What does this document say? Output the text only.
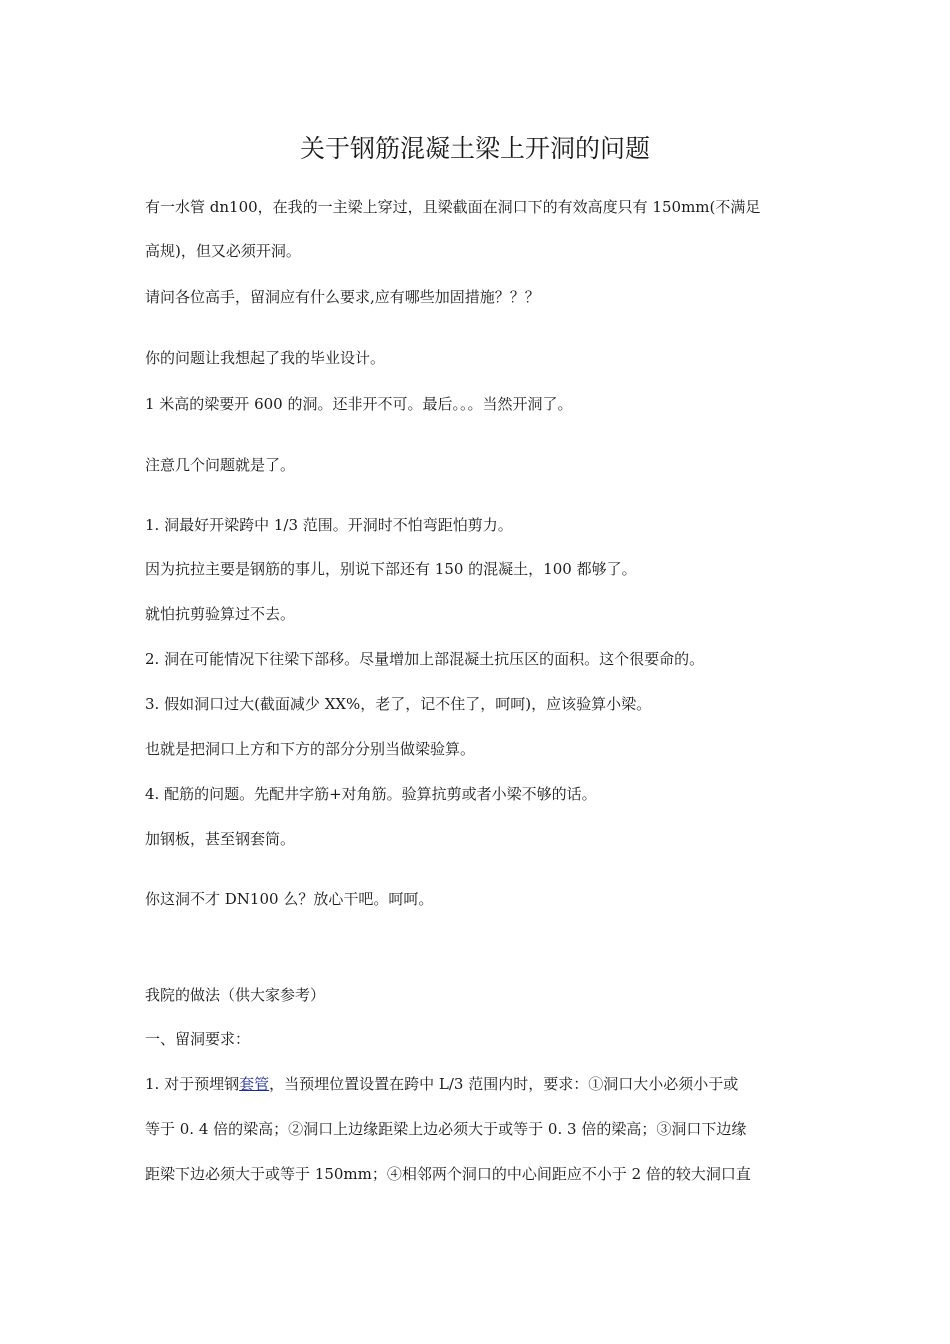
关于钢筋混凝土梁上开洞的问题
有一水管 dn100，在我的一主梁上穿过，且梁截面在洞口下的有效高度只有 150mm(不满足
高规)，但又必须开洞。
请问各位高手，留洞应有什么要求,应有哪些加固措施？？？
你的问题让我想起了我的毕业设计。
1 米高的梁要开 600 的洞。还非开不可。最后。。。当然开洞了。
注意几个问题就是了。
1. 洞最好开梁跨中 1/3 范围。开洞时不怕弯距怕剪力。
因为抗拉主要是钢筋的事儿，别说下部还有 150 的混凝土，100 都够了。
就怕抗剪验算过不去。
2. 洞在可能情况下往梁下部移。尽量增加上部混凝土抗压区的面积。这个很要命的。
3. 假如洞口过大(截面减少 XX%，老了，记不住了，呵呵)，应该验算小梁。
也就是把洞口上方和下方的部分分别当做梁验算。
4. 配筋的问题。先配井字筋+对角筋。验算抗剪或者小梁不够的话。
加钢板，甚至钢套筒。
你这洞不才 DN100 么？放心干吧。呵呵。
我院的做法（供大家参考）
一、留洞要求：
1. 对于预埋钢套管，当预埋位置设置在跨中 L/3 范围内时，要求：①洞口大小必须小于或
等于 0. 4 倍的梁高；②洞口上边缘距梁上边必须大于或等于 0. 3 倍的梁高；③洞口下边缘
距梁下边必须大于或等于 150mm；④相邻两个洞口的中心间距应不小于 2 倍的较大洞口直
